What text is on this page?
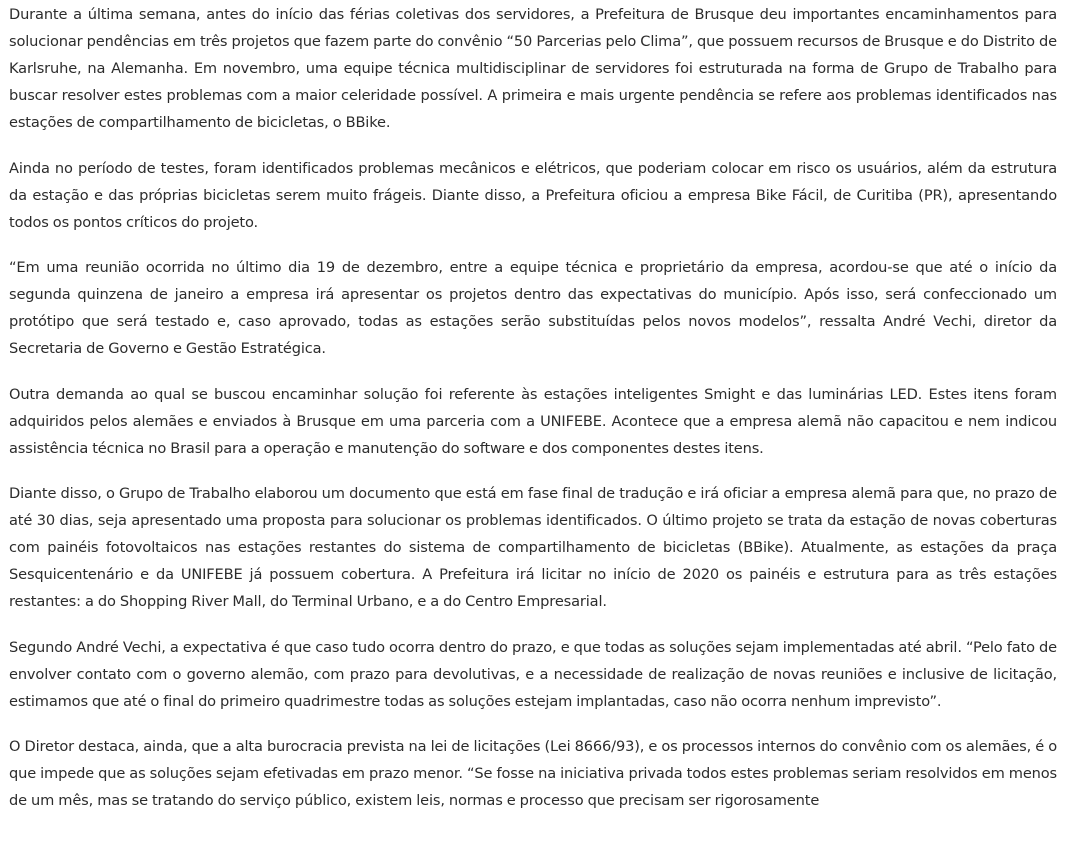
Durante a última semana, antes do início das férias coletivas dos servidores, a Prefeitura de Brusque deu importantes encaminhamentos para solucionar pendências em três projetos que fazem parte do convênio “50 Parcerias pelo Clima”, que possuem recursos de Brusque e do Distrito de Karlsruhe, na Alemanha. Em novembro, uma equipe técnica multidisciplinar de servidores foi estruturada na forma de Grupo de Trabalho para buscar resolver estes problemas com a maior celeridade possível. A primeira e mais urgente pendência se refere aos problemas identificados nas estações de compartilhamento de bicicletas, o BBike.

Ainda no período de testes, foram identificados problemas mecânicos e elétricos, que poderiam colocar em risco os usuários, além da estrutura da estação e das próprias bicicletas serem muito frágeis. Diante disso, a Prefeitura oficiou a empresa Bike Fácil, de Curitiba (PR), apresentando todos os pontos críticos do projeto.

“Em uma reunião ocorrida no último dia 19 de dezembro, entre a equipe técnica e proprietário da empresa, acordou-se que até o início da segunda quinzena de janeiro a empresa irá apresentar os projetos dentro das expectativas do município. Após isso, será confeccionado um protótipo que será testado e, caso aprovado, todas as estações serão substituídas pelos novos modelos”, ressalta André Vechi, diretor da Secretaria de Governo e Gestão Estratégica.

Outra demanda ao qual se buscou encaminhar solução foi referente às estações inteligentes Smight e das luminárias LED. Estes itens foram adquiridos pelos alemães e enviados à Brusque em uma parceria com a UNIFEBE. Acontece que a empresa alemã não capacitou e nem indicou assistência técnica no Brasil para a operação e manutenção do software e dos componentes destes itens.

Diante disso, o Grupo de Trabalho elaborou um documento que está em fase final de tradução e irá oficiar a empresa alemã para que, no prazo de até 30 dias, seja apresentado uma proposta para solucionar os problemas identificados. O último projeto se trata da estação de novas coberturas com painéis fotovoltaicos nas estações restantes do sistema de compartilhamento de bicicletas (BBike). Atualmente, as estações da praça Sesquicentenário e da UNIFEBE já possuem cobertura. A Prefeitura irá licitar no início de 2020 os painéis e estrutura para as três estações restantes: a do Shopping River Mall, do Terminal Urbano, e a do Centro Empresarial.

Segundo André Vechi, a expectativa é que caso tudo ocorra dentro do prazo, e que todas as soluções sejam implementadas até abril. “Pelo fato de envolver contato com o governo alemão, com prazo para devolutivas, e a necessidade de realização de novas reuniões e inclusive de licitação, estimamos que até o final do primeiro quadrimestre todas as soluções estejam implantadas, caso não ocorra nenhum imprevisto”.

O Diretor destaca, ainda, que a alta burocracia prevista na lei de licitações (Lei 8666/93), e os processos internos do convênio com os alemães, é o que impede que as soluções sejam efetivadas em prazo menor. “Se fosse na iniciativa privada todos estes problemas seriam resolvidos em menos de um mês, mas se tratando do serviço público, existem leis, normas e processo que precisam ser rigorosamente
